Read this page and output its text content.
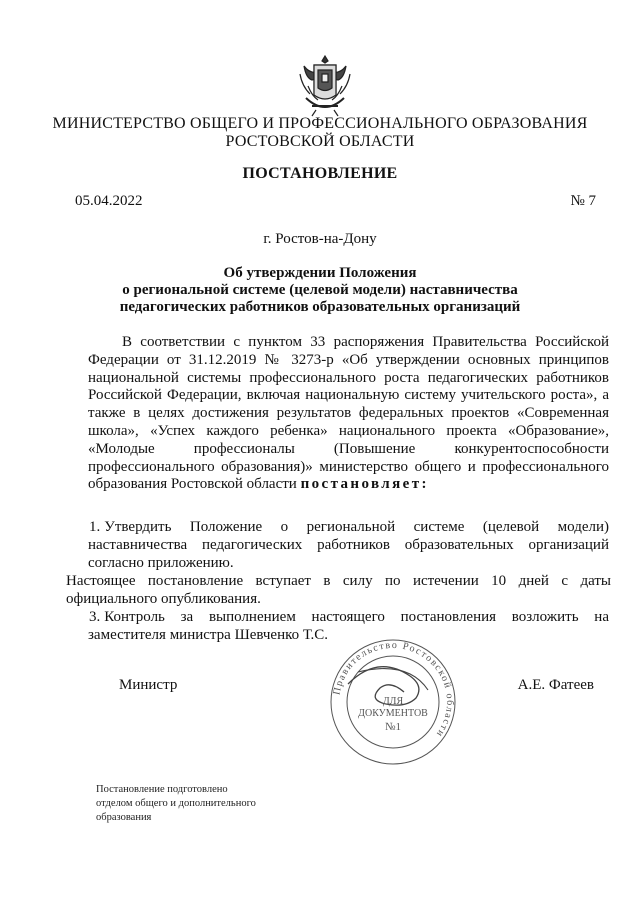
МИНИСТЕРСТВО ОБЩЕГО И ПРОФЕССИОНАЛЬНОГО ОБРАЗОВАНИЯ
РОСТОВСКОЙ ОБЛАСТИ
ПОСТАНОВЛЕНИЕ
05.04.2022	№ 7
г. Ростов-на-Дону
Об утверждении Положения
о региональной системе (целевой модели) наставничества
педагогических работников образовательных организаций
В соответствии с пунктом 33 распоряжения Правительства Российской Федерации от 31.12.2019 № 3273-р «Об утверждении основных принципов национальной системы профессионального роста педагогических работников Российской Федерации, включая национальную систему учительского роста», а также в целях достижения результатов федеральных проектов «Современная школа», «Успех каждого ребенка» национального проекта «Образование», «Молодые профессионалы (Повышение конкурентоспособности профессионального образования)» министерство общего и профессионального образования Ростовской области постановляет:
1. Утвердить Положение о региональной системе (целевой модели) наставничества педагогических работников образовательных организаций согласно приложению.
Настоящее постановление вступает в силу по истечении 10 дней с даты официального опубликования.
3. Контроль за выполнением настоящего постановления возложить на заместителя министра Шевченко Т.С.
Министр	А.Е. Фатеев
Правительство Ростовской области
ДЛЯ
ДОКУМЕНТОВ
№1
Постановление подготовлено
отделом общего и дополнительного
образования
